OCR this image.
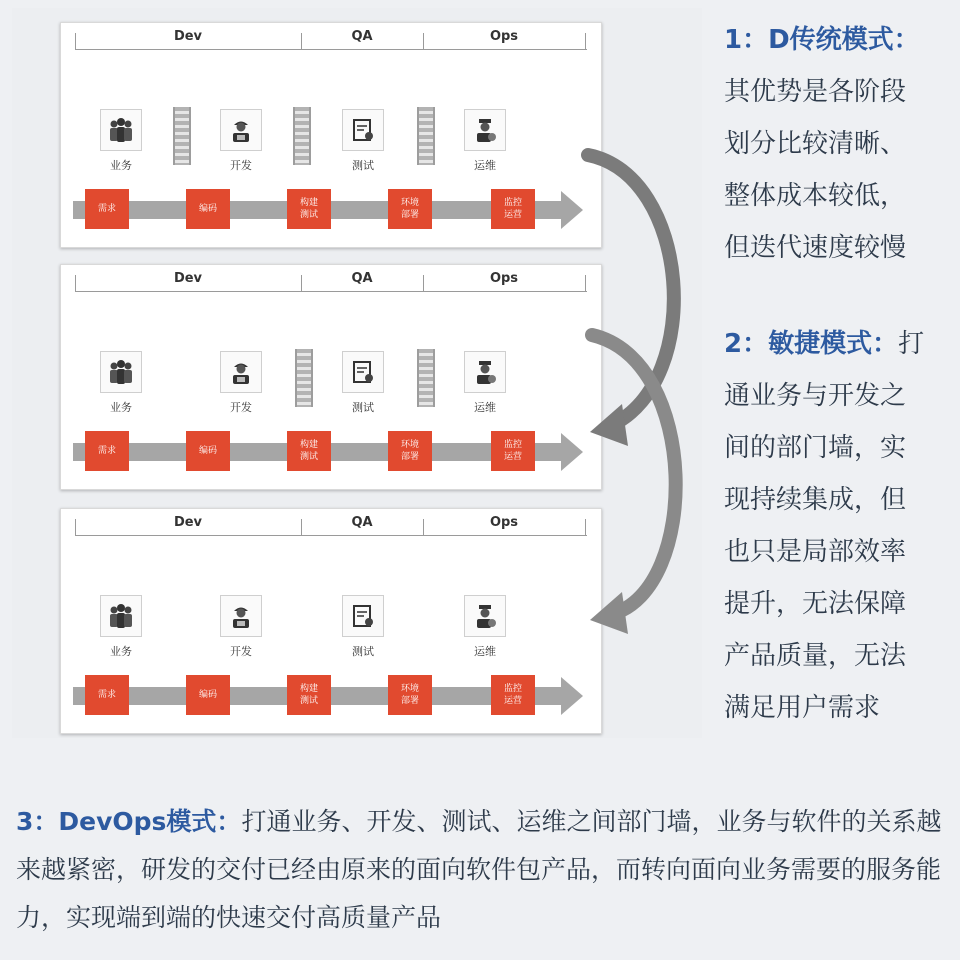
Dev	QA	Ops
业务	开发	测试	运维
需求	编码
构建
测试
环境
部署
监控
运营
Dev	QA	Ops
业务	开发	测试	运维
需求	编码
构建
测试
环境
部署
监控
运营
Dev	QA	Ops
业务	开发	测试	运维
需求	编码
构建
测试
环境
部署
监控
运营
1：D传统模式：
其优势是各阶段
划分比较清晰、
整体成本较低，
但迭代速度较慢
2：敏捷模式：打
通业务与开发之
间的部门墙，实
现持续集成，但
也只是局部效率
提升，无法保障
产品质量，无法
满足用户需求
3：DevOps模式：打通业务、开发、测试、运维之间部门墙，业务与软件的关系越来越紧密，研发的交付已经由原来的面向软件包产品，而转向面向业务需要的服务能力，实现端到端的快速交付高质量产品
